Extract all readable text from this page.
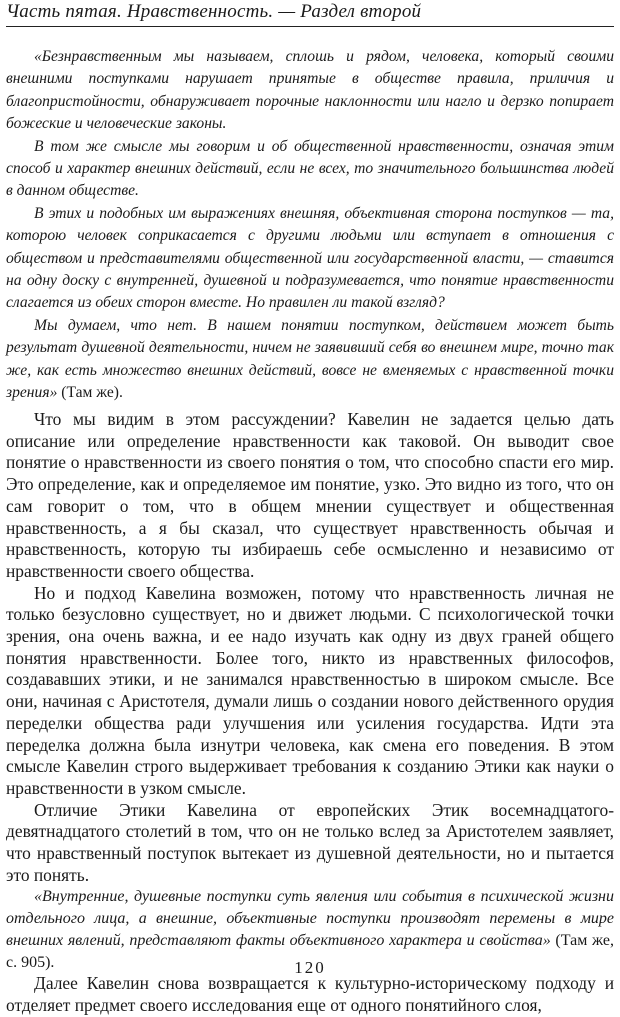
Часть пятая. Нравственность. — Раздел второй

«Безнравственным мы называем, сплошь и рядом, человека, который своими внешними поступками нарушает принятые в обществе правила, приличия и благопристойности, обнаруживает порочные наклонности или нагло и дерзко попирает божеские и человеческие законы.

В том же смысле мы говорим и об общественной нравственности, означая этим способ и характер внешних действий, если не всех, то значительного большинства людей в данном обществе.

В этих и подобных им выражениях внешняя, объективная сторона поступков — та, которою человек соприкасается с другими людьми или вступает в отношения с обществом и представителями общественной или государственной власти, — ставится на одну доску с внутренней, душевной и подразумевается, что понятие нравственности слагается из обеих сторон вместе. Но правилен ли такой взгляд?

Мы думаем, что нет. В нашем понятии поступком, действием может быть результат душевной деятельности, ничем не заявивший себя во внешнем мире, точно так же, как есть множество внешних действий, вовсе не вменяемых с нравственной точки зрения» (Там же).

Что мы видим в этом рассуждении? Кавелин не задается целью дать описание или определение нравственности как таковой. Он выводит свое понятие о нравственности из своего понятия о том, что способно спасти его мир. Это определение, как и определяемое им понятие, узко. Это видно из того, что он сам говорит о том, что в общем мнении существует и общественная нравственность, а я бы сказал, что существует нравственность обычая и нравственность, которую ты избираешь себе осмысленно и независимо от нравственности своего общества.

Но и подход Кавелина возможен, потому что нравственность личная не только безусловно существует, но и движет людьми. С психологической точки зрения, она очень важна, и ее надо изучать как одну из двух граней общего понятия нравственности. Более того, никто из нравственных философов, создававших этики, и не занимался нравственностью в широком смысле. Все они, начиная с Аристотеля, думали лишь о создании нового действенного орудия переделки общества ради улучшения или усиления государства. Идти эта переделка должна была изнутри человека, как смена его поведения. В этом смысле Кавелин строго выдерживает требования к созданию Этики как науки о нравственности в узком смысле.

Отличие Этики Кавелина от европейских Этик восемнадцатого-девятнадцатого столетий в том, что он не только вслед за Аристотелем заявляет, что нравственный поступок вытекает из душевной деятельности, но и пытается это понять.

«Внутренние, душевные поступки суть явления или события в психической жизни отдельного лица, а внешние, объективные поступки производят перемены в мире внешних явлений, представляют факты объективного характера и свойства» (Там же, с. 905).

Далее Кавелин снова возвращается к культурно-историческому подходу и отделяет предмет своего исследования еще от одного понятийного слоя,

120
